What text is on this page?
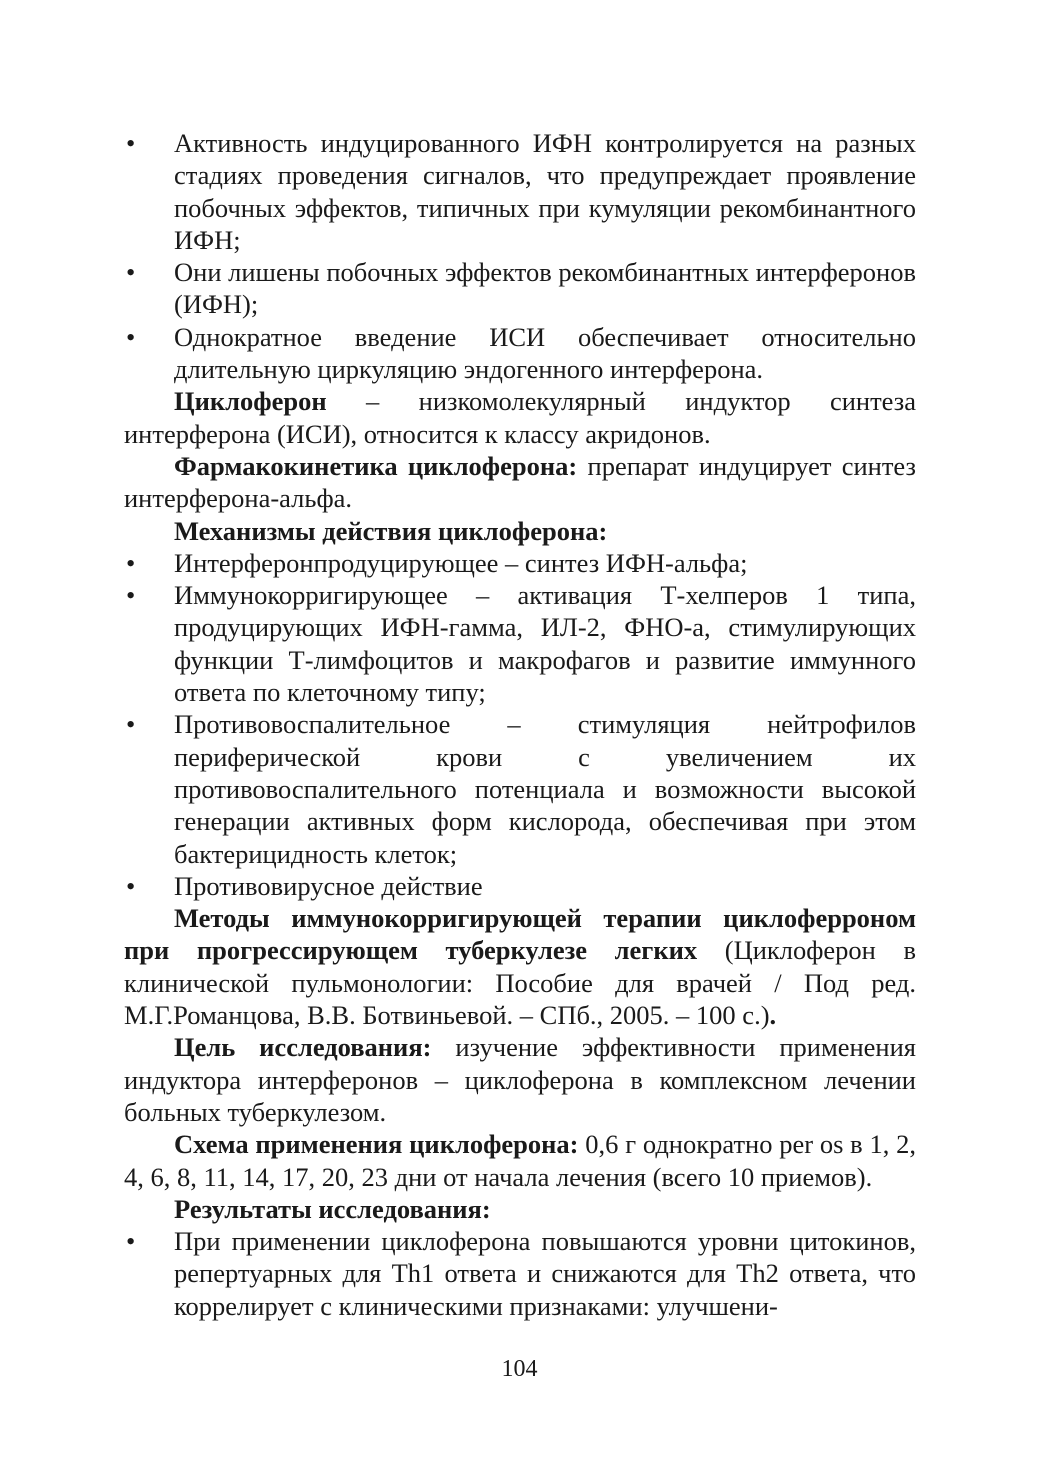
• Активность индуцированного ИФН контролируется на разных стадиях проведения сигналов, что предупреждает проявление побочных эффектов, типичных при кумуляции рекомбинантного ИФН;
• Они лишены побочных эффектов рекомбинантных интерферонов (ИФН);
• Однократное введение ИСИ обеспечивает относительно длительную циркуляцию эндогенного интерферона.

Циклоферон – низкомолекулярный индуктор синтеза интерферона (ИСИ), относится к классу акридонов.

Фармакокинетика циклоферона: препарат индуцирует синтез интерферона-альфа.

Механизмы действия циклоферона:

• Интерферонпродуцирующее – синтез ИФН-альфа;
• Иммунокорригирующее – активация Т-хелперов 1 типа, продуцирующих ИФН-гамма, ИЛ-2, ФНО-а, стимулирующих функции Т-лимфоцитов и макрофагов и развитие иммунного ответа по клеточному типу;
• Противовоспалительное – стимуляция нейтрофилов периферической крови с увеличением их противовоспалительного потенциала и возможности высокой генерации активных форм кислорода, обеспечивая при этом бактерицидность клеток;
• Противовирусное действие

Методы иммунокорригирующей терапии циклоферроном при прогрессирующем туберкулезе легких (Циклоферон в клинической пульмонологии: Пособие для врачей / Под ред. М.Г.Романцова, В.В. Ботвиньевой. – СПб., 2005. – 100 с.).

Цель исследования: изучение эффективности применения индуктора интерферонов – циклоферона в комплексном лечении больных туберкулезом.

Схема применения циклоферона: 0,6 г однократно per os в 1, 2, 4, 6, 8, 11, 14, 17, 20, 23 дни от начала лечения (всего 10 приемов).

Результаты исследования:

• При применении циклоферона повышаются уровни цитокинов, репертуарных для Th1 ответа и снижаются для Th2 ответа, что коррелирует с клиническими признаками: улучшени-
104
